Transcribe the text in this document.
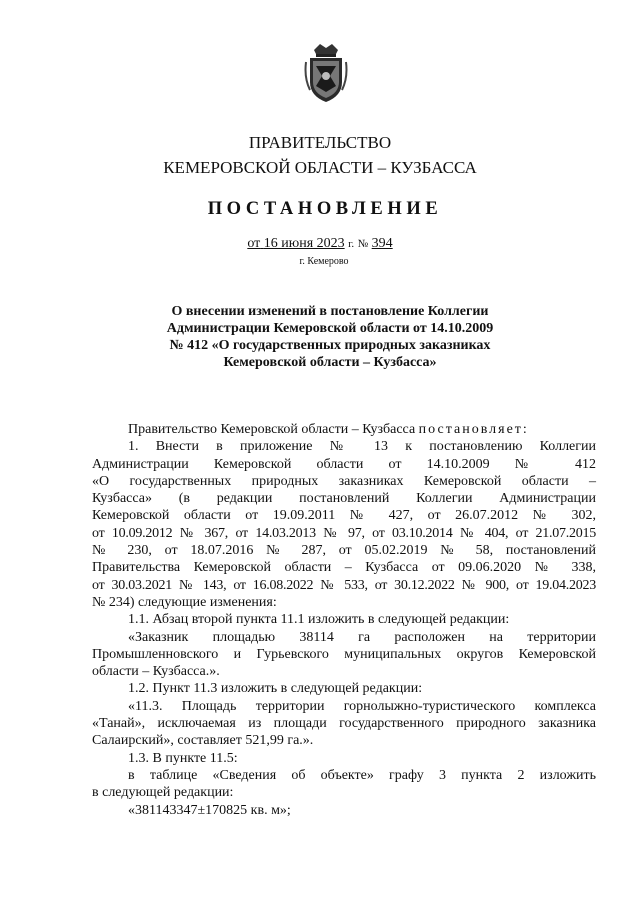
ПРАВИТЕЛЬСТВО
КЕМЕРОВСКОЙ ОБЛАСТИ – КУЗБАССА
ПОСТАНОВЛЕНИЕ
от 16 июня 2023 г. № 394
г. Кемерово
О внесении изменений в постановление Коллегии
Администрации Кемеровской области от 14.10.2009
№ 412 «О государственных природных заказниках
Кемеровской области – Кузбасса»

Правительство Кемеровской области – Кузбасса постановляет:

1. Внести в приложение № 13 к постановлению Коллегии

Администрации Кемеровской области от 14.10.2009 № 412

«О государственных природных заказниках Кемеровской области –

Кузбасса» (в редакции постановлений Коллегии Администрации

Кемеровской области от 19.09.2011 № 427, от 26.07.2012 № 302,

от 10.09.2012 № 367, от 14.03.2013 № 97, от 03.10.2014 № 404, от 21.07.2015

№ 230, от 18.07.2016 № 287, от 05.02.2019 № 58, постановлений

Правительства Кемеровской области – Кузбасса от 09.06.2020 № 338,

от 30.03.2021 № 143, от 16.08.2022 № 533, от 30.12.2022 № 900, от 19.04.2023

№ 234) следующие изменения:

1.1. Абзац второй пункта 11.1 изложить в следующей редакции:

«Заказник площадью 38114 га расположен на территории

Промышленновского и Гурьевского муниципальных округов Кемеровской

области – Кузбасса.».

1.2. Пункт 11.3 изложить в следующей редакции:

«11.3. Площадь территории горнолыжно-туристического комплекса

«Танай», исключаемая из площади государственного природного заказника

Салаирский», составляет 521,99 га.».

1.3. В пункте 11.5:

в таблице «Сведения об объекте» графу 3 пункта 2 изложить

в следующей редакции:

«381143347±170825 кв. м»;
